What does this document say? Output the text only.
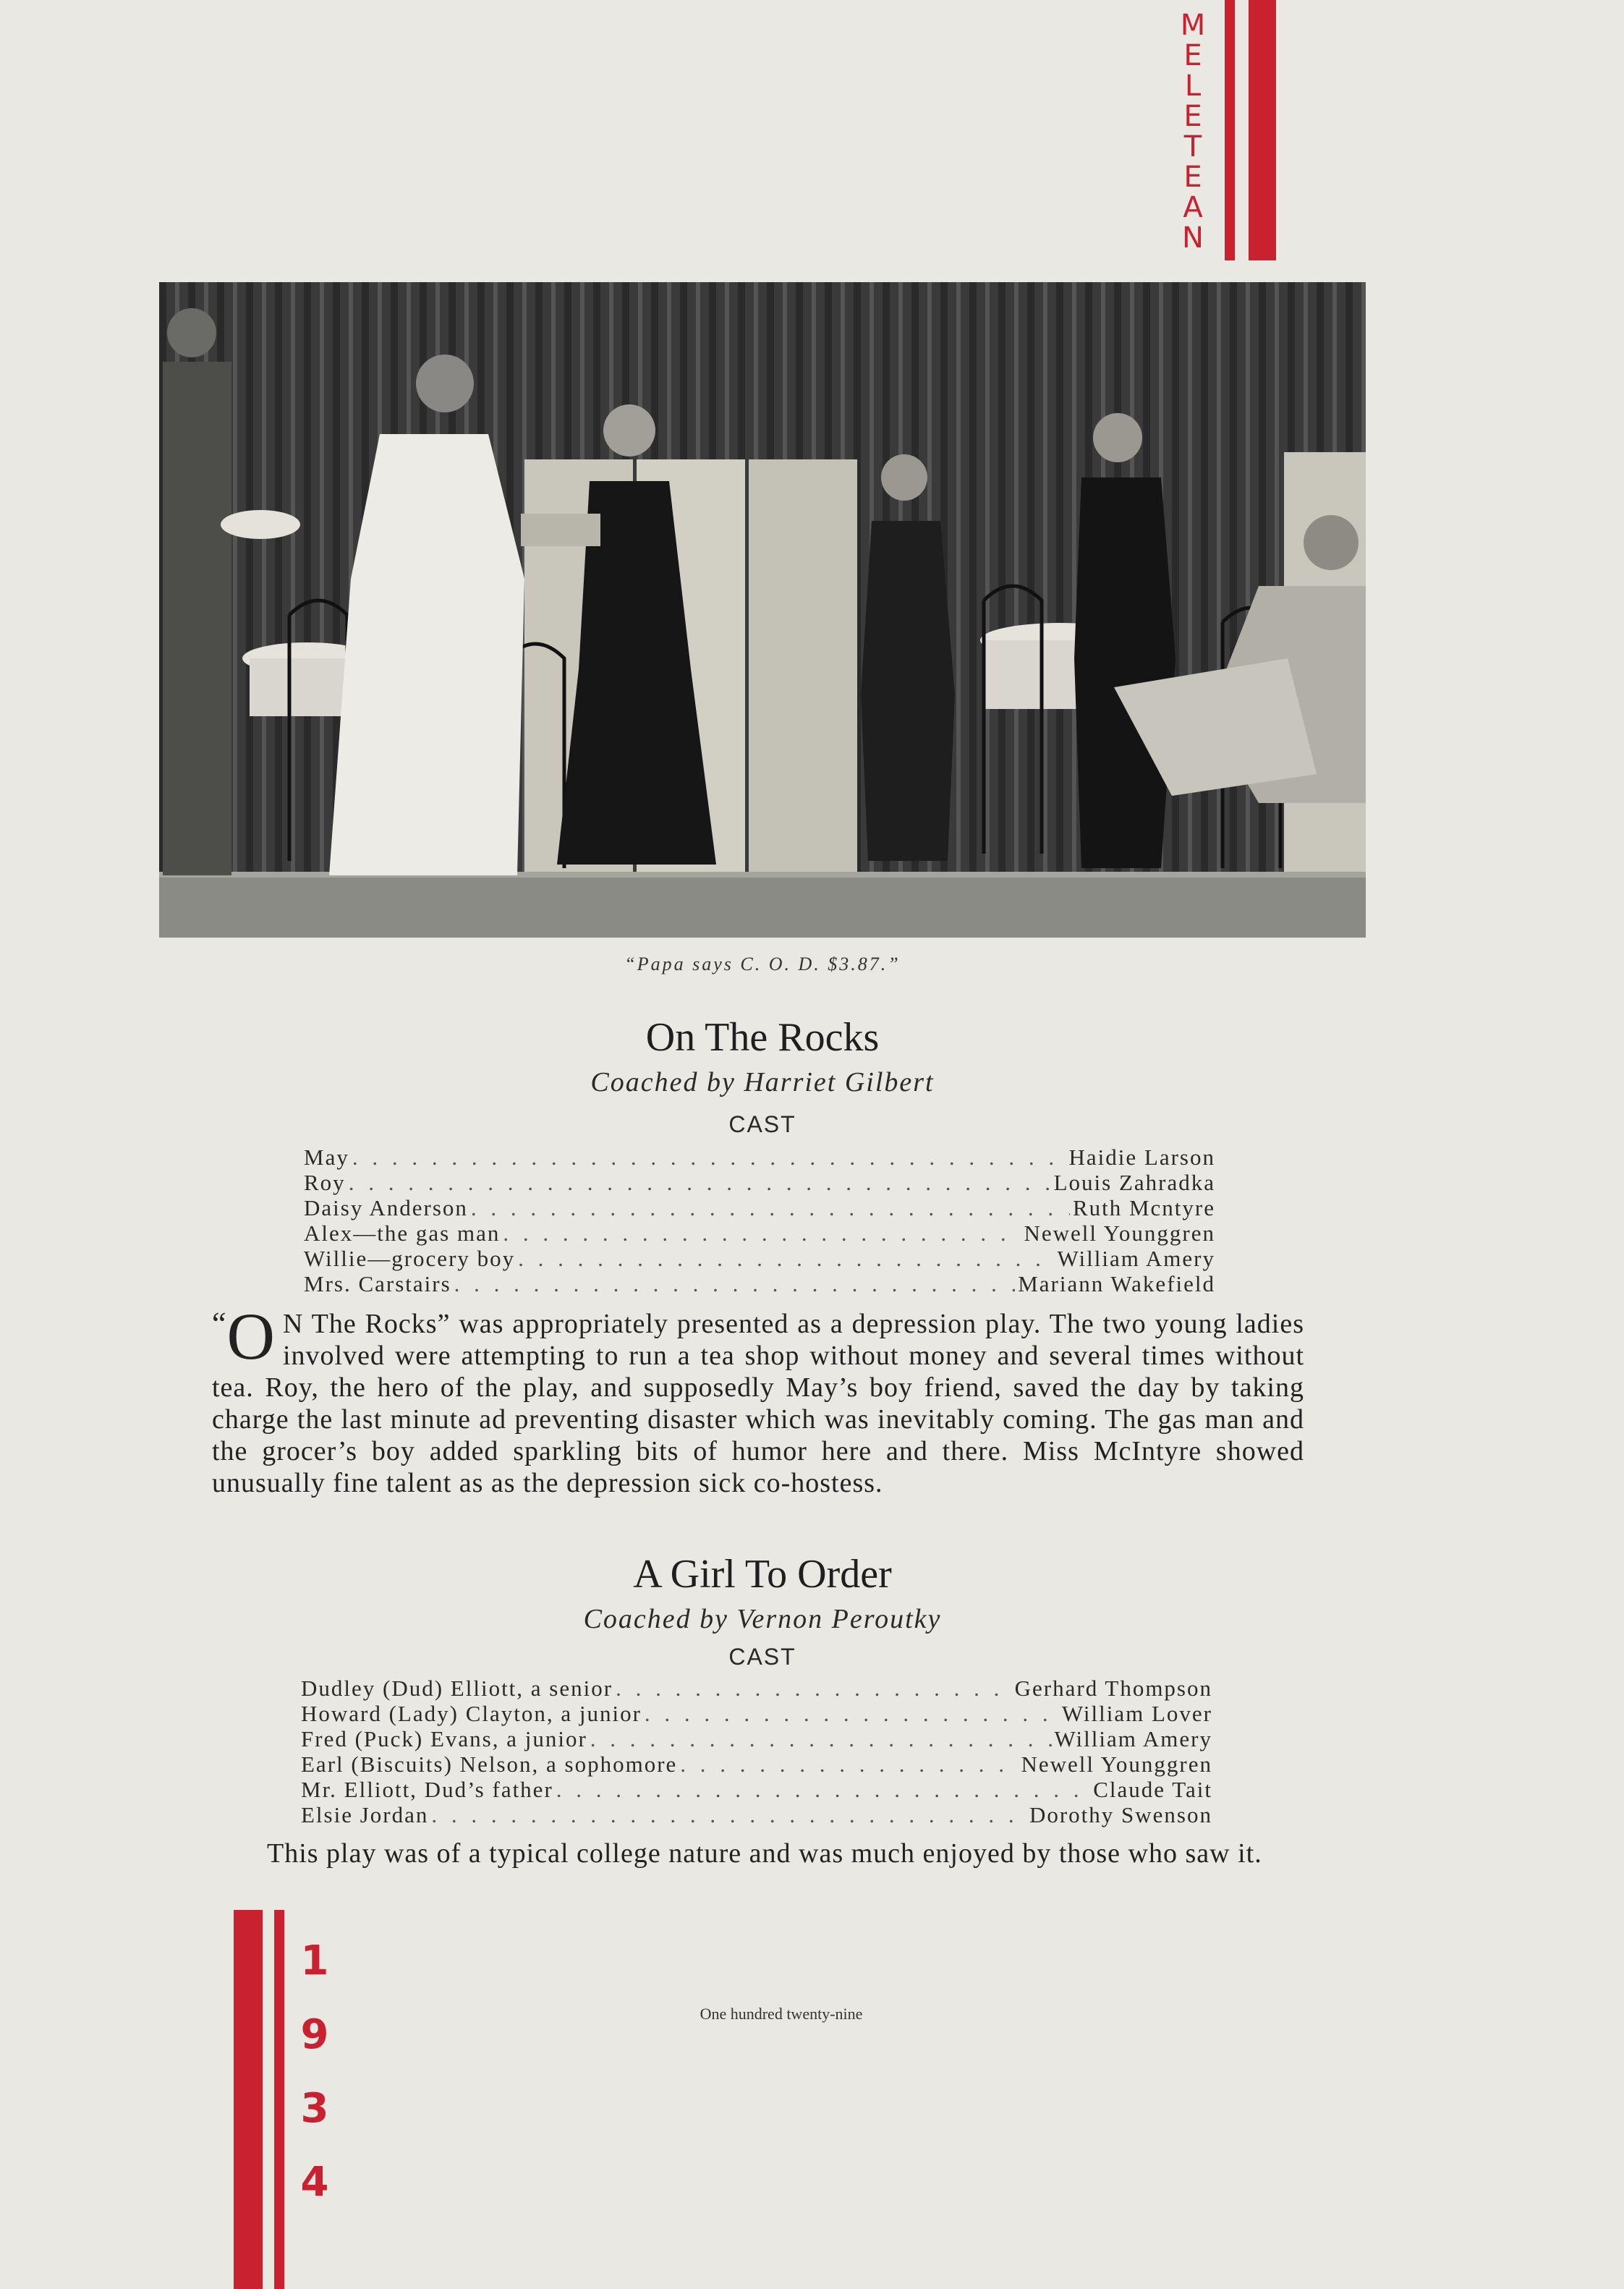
M
E
L
E
T
E
A
N
“Papa says C. O. D. $3.87.”
On The Rocks
Coached by Harriet Gilbert
CAST
May . . .	Haidie Larson
Roy . . .	Louis Zahradka
Daisy Anderson . . .	Ruth Mcntyre
Alex—the gas man . . .	Newell Younggren
Willie—grocery boy . . .	William Amery
Mrs. Carstairs . . .	Mariann Wakefield
“ O N The Rocks” was appropriately presented as a depression play. The two young ladies involved were attempting to run a tea shop without money and several times without tea. Roy, the hero of the play, and supposedly May’s boy friend, saved the day by taking charge the last minute ad preventing disaster which was inevitably coming. The gas man and the grocer’s boy added sparkling bits of humor here and there. Miss McIntyre showed unusually fine talent as as the depression sick co-hostess.
A Girl To Order
Coached by Vernon Peroutky
CAST
Dudley (Dud) Elliott, a senior . . .	Gerhard Thompson
Howard (Lady) Clayton, a junior . . .	William Lover
Fred (Puck) Evans, a junior . . .	William Amery
Earl (Biscuits) Nelson, a sophomore . . .	Newell Younggren
Mr. Elliott, Dud’s father . . .	Claude Tait
Elsie Jordan . . .	Dorothy Swenson
This play was of a typical college nature and was much enjoyed by those who saw it.
1
9
3
4
One hundred twenty-nine
